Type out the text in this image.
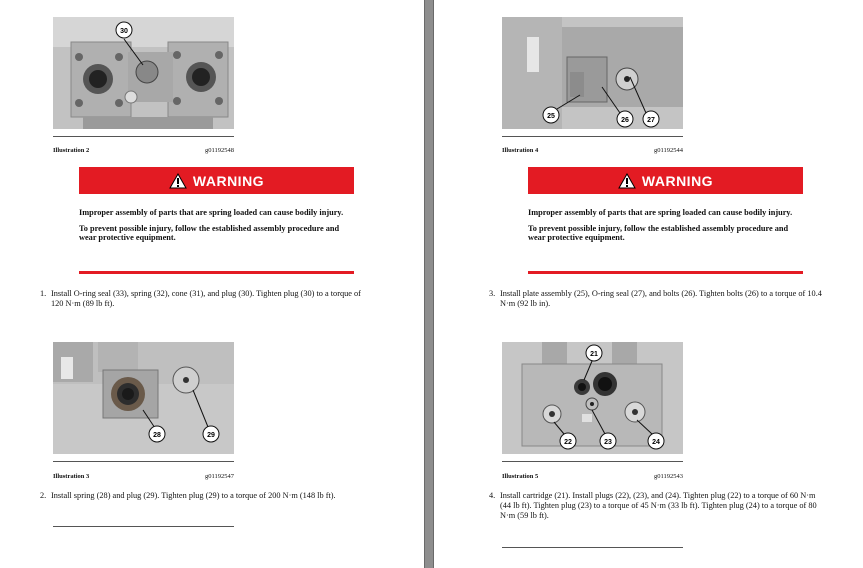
30
Illustration 2	g01192548
WARNING

Improper assembly of parts that are spring loaded can cause bodily injury.

To prevent possible injury, follow the established assembly procedure and wear protective equipment.

1. Install O-ring seal (33), spring (32), cone (31), and plug (30). Tighten plug (30) to a torque of 120 N·m (89 lb ft).
28	29
Illustration 3	g01192547
2. Install spring (28) and plug (29). Tighten plug (29) to a torque of 200 N·m (148 lb ft).
25
26	27
Illustration 4	g01192544
WARNING

Improper assembly of parts that are spring loaded can cause bodily injury.

To prevent possible injury, follow the established assembly procedure and wear protective equipment.

3. Install plate assembly (25), O-ring seal (27), and bolts (26). Tighten bolts (26) to a torque of 10.4 N·m (92 lb in).
21
22	23	24
Illustration 5	g01192543
4. Install cartridge (21). Install plugs (22), (23), and (24). Tighten plug (22) to a torque of 60 N·m (44 lb ft). Tighten plug (23) to a torque of 45 N·m (33 lb ft). Tighten plug (24) to a torque of 80 N·m (59 lb ft).
